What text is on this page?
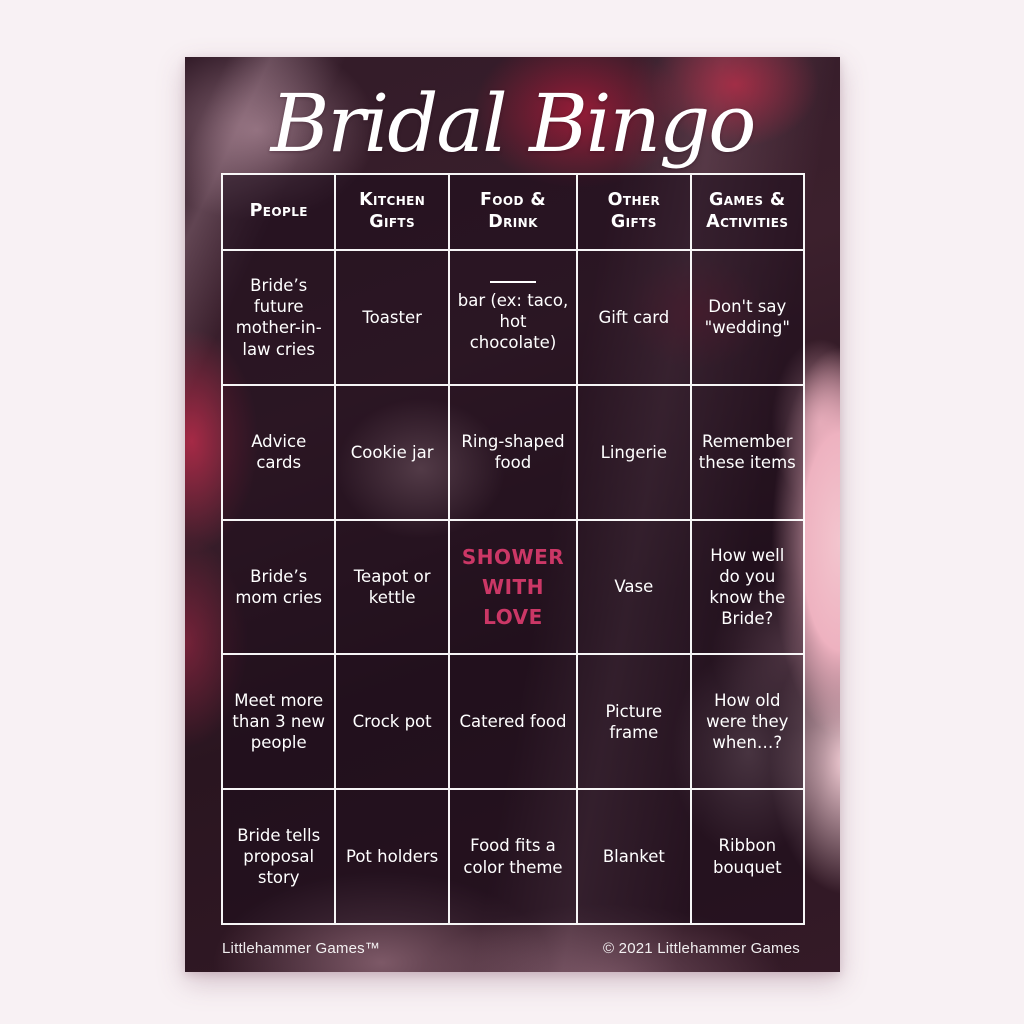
Bridal Bingo
People
Kitchen Gifts
Food & Drink
Other Gifts
Games & Activities
Bride’s future mother-in-law cries
Toaster
bar (ex: taco, hot chocolate)
Gift card
Don't say "wedding"
Advice cards
Cookie jar
Ring-shaped food
Lingerie
Remember these items
Bride’s mom cries
Teapot or kettle
SHOWER WITH LOVE
Vase
How well do you know the Bride?
Meet more than 3 new people
Crock pot	Catered food
Picture frame
How old were they when…?
Bride tells proposal story
Pot holders
Food fits a color theme
Blanket
Ribbon bouquet
Littlehammer Games™	© 2021 Littlehammer Games
